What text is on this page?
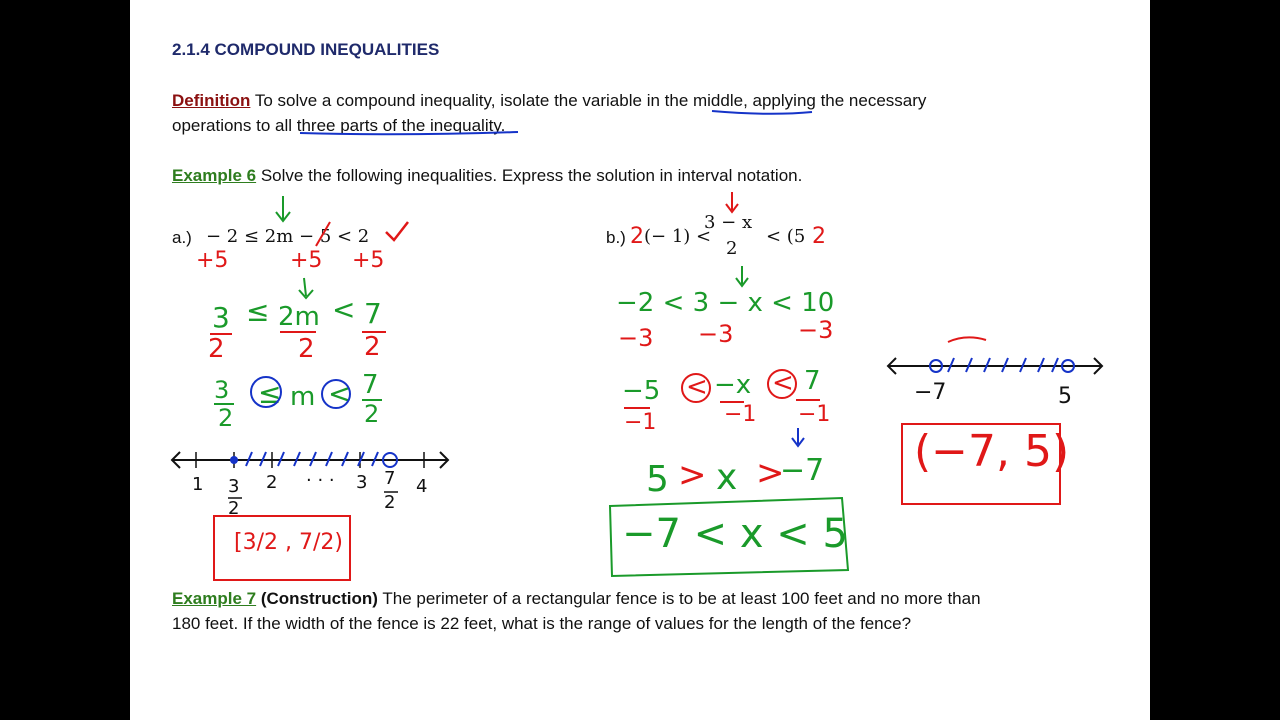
2.1.4 COMPOUND INEQUALITIES
Definition To solve a compound inequality, isolate the variable in the middle, applying the necessary
operations to all three parts of the inequality.
Example 6 Solve the following inequalities. Express the solution in interval notation.
a.) − 2 ≤ 2m − 5 < 2
+5	+5 +5
3
2
≤ 2m
2
< 7
2
3
2
≤ m < 7
2
1 3
2
2 · · · 3 7
2
4
[3/2 , 7/2)
b.) (− 1) <
3 − x
2
< (5
2	2
−2 < 3 − x < 10
−3 −3	−3
−5 < −x < 7
−1	−1 −1
5 > x >
−7
−7 < x < 5
−7	5
(−7, 5)
Example 7 (Construction) The perimeter of a rectangular fence is to be at least 100 feet and no more than
180 feet. If the width of the fence is 22 feet, what is the range of values for the length of the fence?
